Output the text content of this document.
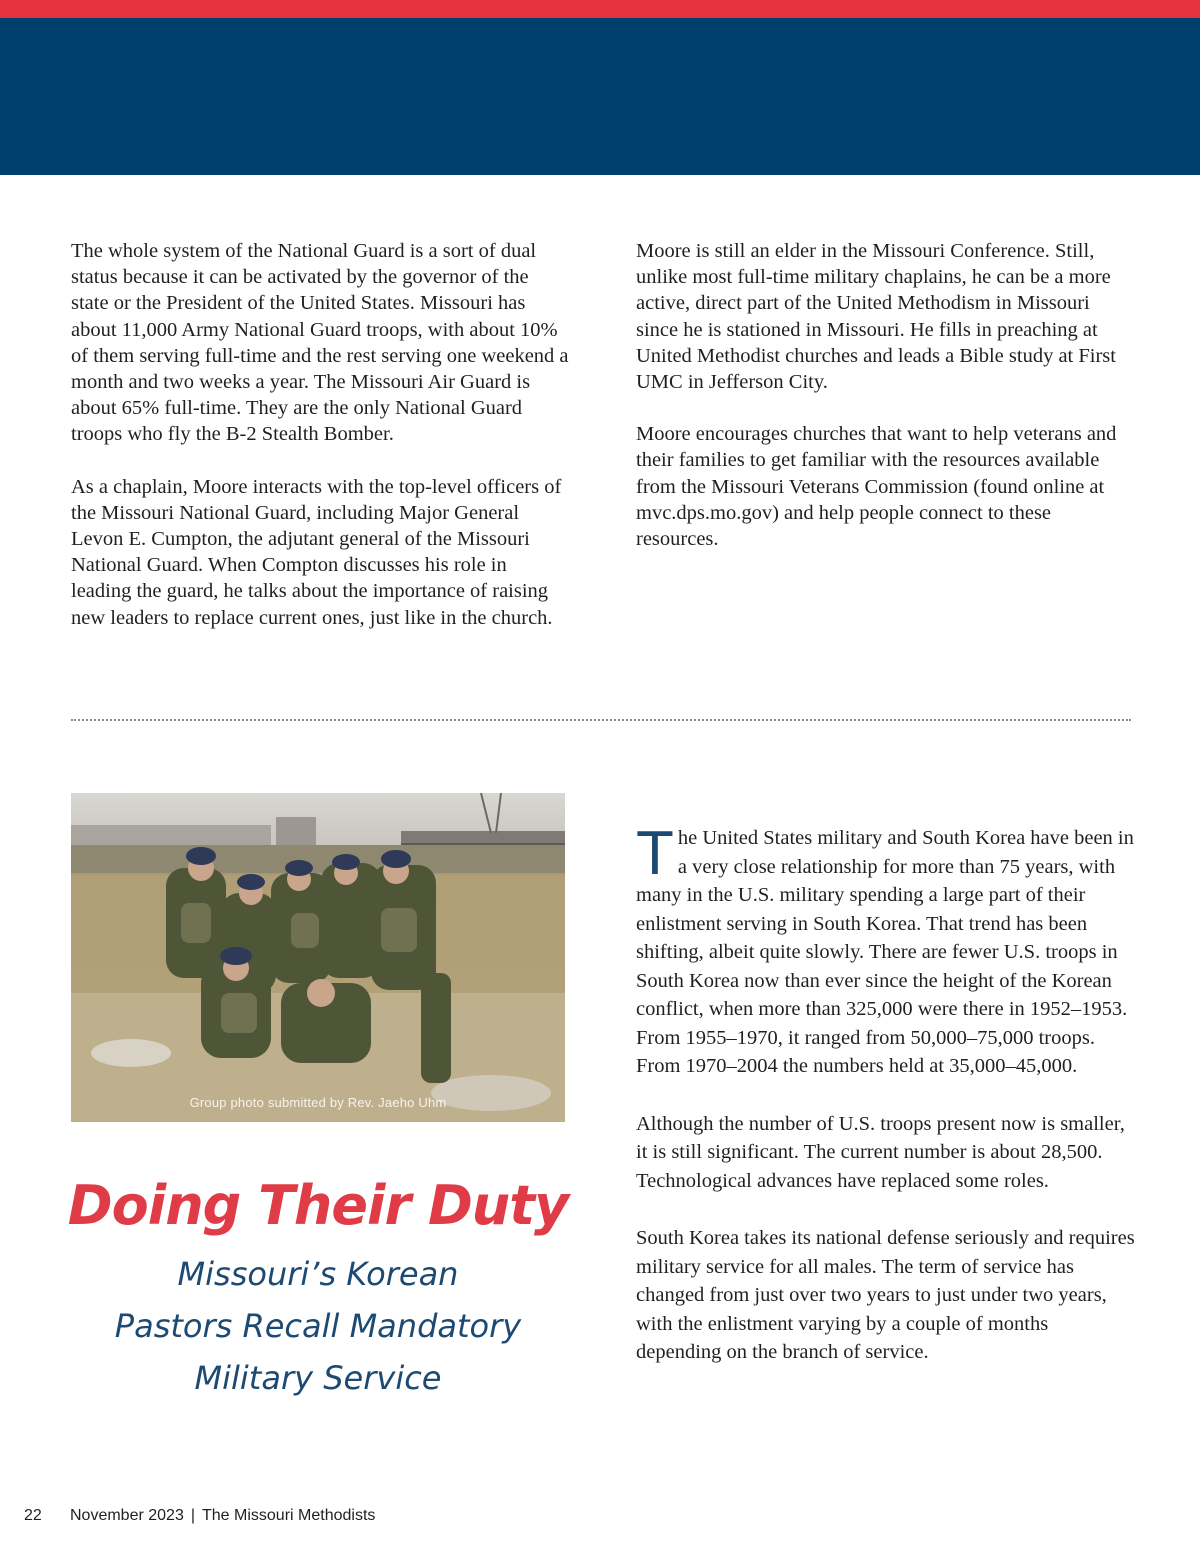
The whole system of the National Guard is a sort of dual status because it can be activated by the governor of the state or the President of the United States. Missouri has about 11,000 Army National Guard troops, with about 10% of them serving full-time and the rest serving one weekend a month and two weeks a year. The Missouri Air Guard is about 65% full-time. They are the only National Guard troops who fly the B-2 Stealth Bomber.

As a chaplain, Moore interacts with the top-level officers of the Missouri National Guard, including Major General Levon E. Cumpton, the adjutant general of the Missouri National Guard. When Compton discusses his role in leading the guard, he talks about the importance of raising new leaders to replace current ones, just like in the church.

Moore is still an elder in the Missouri Conference. Still, unlike most full-time military chaplains, he can be a more active, direct part of the United Methodism in Missouri since he is stationed in Missouri. He fills in preaching at United Methodist churches and leads a Bible study at First UMC in Jefferson City.

Moore encourages churches that want to help veterans and their families to get familiar with the resources available from the Missouri Veterans Commission (found online at mvc.dps.mo.gov) and help people connect to these resources.

Group photo submitted by Rev. Jaeho Uhm
Doing Their Duty
Missouri’s Korean
Pastors Recall Mandatory
Military Service

The United States military and South Korea have been in a very close relationship for more than 75 years, with many in the U.S. military spending a large part of their enlistment serving in South Korea. That trend has been shifting, albeit quite slowly. There are fewer U.S. troops in South Korea now than ever since the height of the Korean conflict, when more than 325,000 were there in 1952–1953. From 1955–1970, it ranged from 50,000–75,000 troops. From 1970–2004 the numbers held at 35,000–45,000.

Although the number of U.S. troops present now is smaller, it is still significant. The current number is about 28,500. Technological advances have replaced some roles.

South Korea takes its national defense seriously and requires military service for all males. The term of service has changed from just over two years to just under two years, with the enlistment varying by a couple of months depending on the branch of service.

22 November 2023 | The Missouri Methodists
